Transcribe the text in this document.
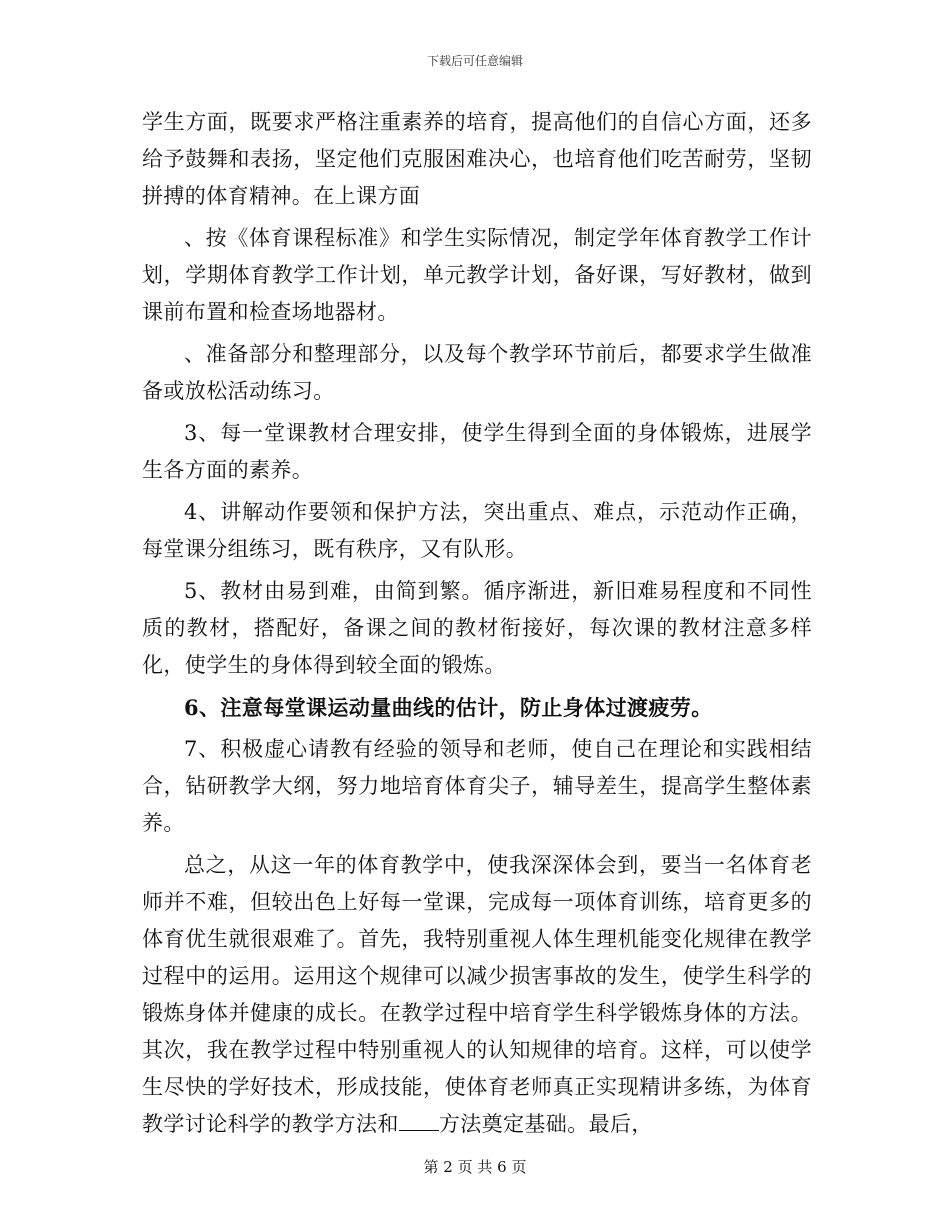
下载后可任意编辑

学生方面，既要求严格注重素养的培育，提高他们的自信心方面，还多给予鼓舞和表扬，坚定他们克服困难决心，也培育他们吃苦耐劳，坚韧拼搏的体育精神。在上课方面

、按《体育课程标准》和学生实际情况，制定学年体育教学工作计划，学期体育教学工作计划，单元教学计划，备好课，写好教材，做到课前布置和检查场地器材。

、准备部分和整理部分，以及每个教学环节前后，都要求学生做准备或放松活动练习。

3、每一堂课教材合理安排，使学生得到全面的身体锻炼，进展学生各方面的素养。

4、讲解动作要领和保护方法，突出重点、难点，示范动作正确，每堂课分组练习，既有秩序，又有队形。

5、教材由易到难，由简到繁。循序渐进，新旧难易程度和不同性质的教材，搭配好，备课之间的教材衔接好，每次课的教材注意多样化，使学生的身体得到较全面的锻炼。

6、注意每堂课运动量曲线的估计，防止身体过渡疲劳。

7、积极虚心请教有经验的领导和老师，使自己在理论和实践相结合，钻研教学大纲，努力地培育体育尖子，辅导差生，提高学生整体素养。

总之，从这一年的体育教学中，使我深深体会到，要当一名体育老师并不难，但较出色上好每一堂课，完成每一项体育训练，培育更多的体育优生就很艰难了。首先，我特别重视人体生理机能变化规律在教学过程中的运用。运用这个规律可以减少损害事故的发生，使学生科学的锻炼身体并健康的成长。在教学过程中培育学生科学锻炼身体的方法。其次，我在教学过程中特别重视人的认知规律的培育。这样，可以使学生尽快的学好技术，形成技能，使体育老师真正实现精讲多练，为体育教学讨论科学的教学方法和 方法奠定基础。最后，

第 2 页 共 6 页
